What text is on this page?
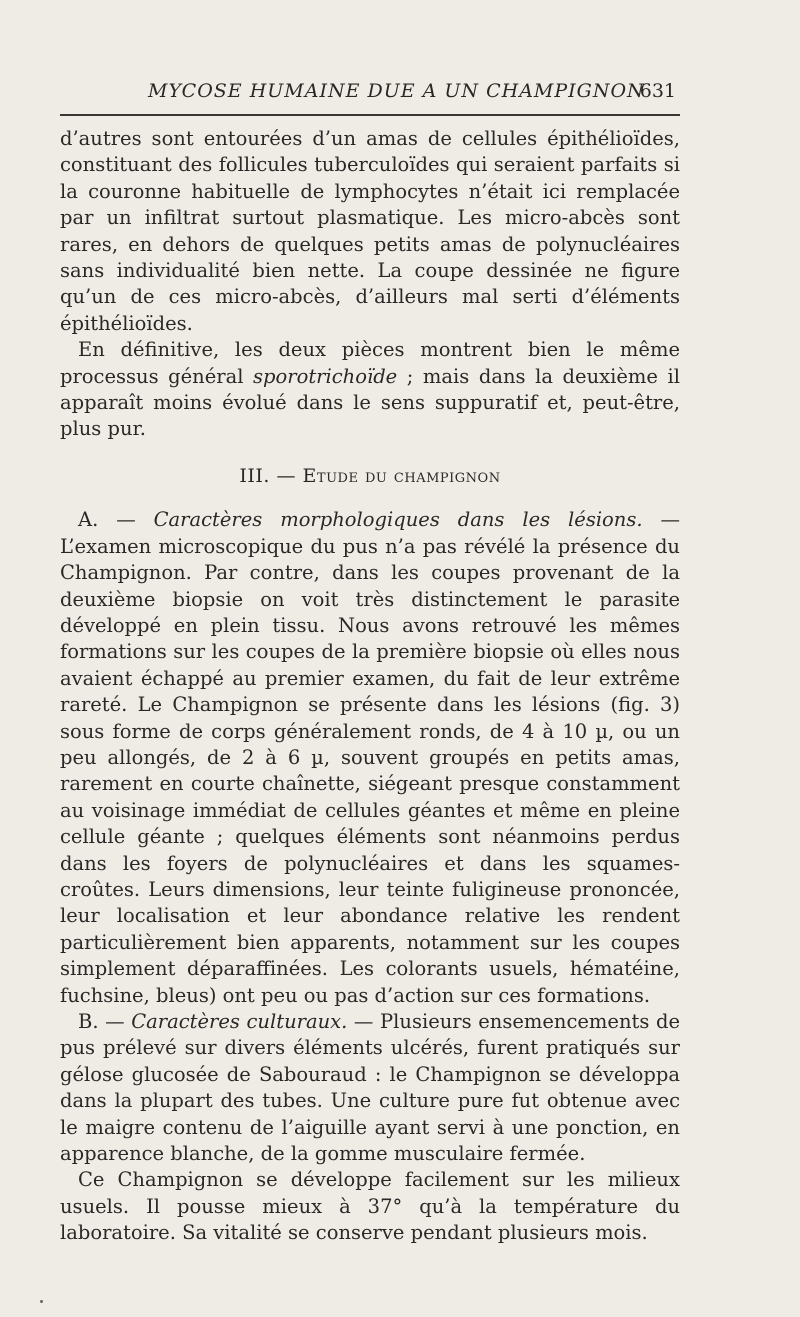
MYCOSE HUMAINE DUE A UN CHAMPIGNON
631

d’autres sont entourées d’un amas de cellules épithélioïdes, constituant des follicules tuberculoïdes qui seraient parfaits si la couronne habituelle de lymphocytes n’était ici remplacée par un infiltrat surtout plasmatique. Les micro-abcès sont rares, en dehors de quelques petits amas de polynucléaires sans individualité bien nette. La coupe dessinée ne figure qu’un de ces micro-abcès, d’ailleurs mal serti d’éléments épithélioïdes.

En définitive, les deux pièces montrent bien le même processus général sporotrichoïde ; mais dans la deuxième il apparaît moins évolué dans le sens suppuratif et, peut-être, plus pur.

III. — Etude du champignon

A. — Caractères morphologiques dans les lésions. — L’examen microscopique du pus n’a pas révélé la présence du Champignon. Par contre, dans les coupes provenant de la deuxième biopsie on voit très distinctement le parasite développé en plein tissu. Nous avons retrouvé les mêmes formations sur les coupes de la première biopsie où elles nous avaient échappé au premier examen, du fait de leur extrême rareté. Le Champignon se présente dans les lésions (fig. 3) sous forme de corps généralement ronds, de 4 à 10 µ, ou un peu allongés, de 2 à 6 µ, souvent groupés en petits amas, rarement en courte chaînette, siégeant presque constamment au voisinage immédiat de cellules géantes et même en pleine cellule géante ; quelques éléments sont néanmoins perdus dans les foyers de polynucléaires et dans les squames-croûtes. Leurs dimensions, leur teinte fuligineuse prononcée, leur localisation et leur abondance relative les rendent particulièrement bien apparents, notamment sur les coupes simplement déparaffinées. Les colorants usuels, hématéine, fuchsine, bleus) ont peu ou pas d’action sur ces formations.

B. — Caractères culturaux. — Plusieurs ensemencements de pus prélevé sur divers éléments ulcérés, furent pratiqués sur gélose glucosée de Sabouraud : le Champignon se développa dans la plupart des tubes. Une culture pure fut obtenue avec le maigre contenu de l’aiguille ayant servi à une ponction, en apparence blanche, de la gomme musculaire fermée.

Ce Champignon se développe facilement sur les milieux usuels. Il pousse mieux à 37° qu’à la température du laboratoire. Sa vitalité se conserve pendant plusieurs mois.
